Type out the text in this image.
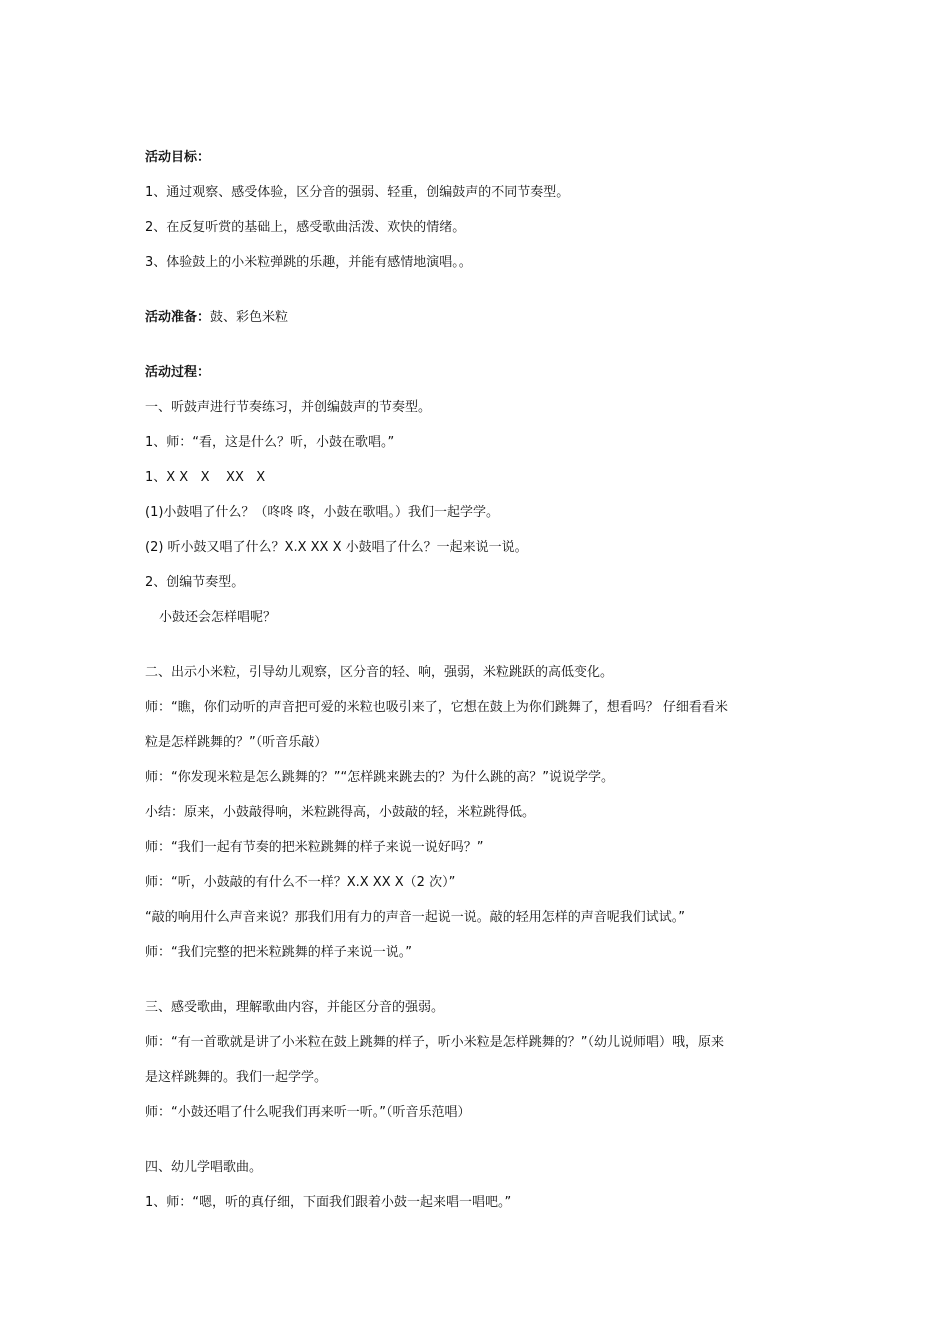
活动目标：
1、通过观察、感受体验，区分音的强弱、轻重，创编鼓声的不同节奏型。
2、在反复听赏的基础上，感受歌曲活泼、欢快的情绪。
3、体验鼓上的小米粒弹跳的乐趣，并能有感情地演唱。。
活动准备：鼓、彩色米粒
活动过程：
一、听鼓声进行节奏练习，并创编鼓声的节奏型。
1、师：“看，这是什么？听，小鼓在歌唱。”
1、X X   X    XX   X
(1)小鼓唱了什么？（咚咚 咚，小鼓在歌唱。）我们一起学学。
(2) 听小鼓又唱了什么？X.X XX X 小鼓唱了什么？一起来说一说。
2、创编节奏型。
小鼓还会怎样唱呢？
二、出示小米粒，引导幼儿观察，区分音的轻、响，强弱，米粒跳跃的高低变化。
师：“瞧，你们动听的声音把可爱的米粒也吸引来了，它想在鼓上为你们跳舞了，想看吗？ 仔细看看米
粒是怎样跳舞的？”（听音乐敲）
师：“你发现米粒是怎么跳舞的？”“怎样跳来跳去的？为什么跳的高？”说说学学。
小结：原来，小鼓敲得响，米粒跳得高，小鼓敲的轻，米粒跳得低。
师：“我们一起有节奏的把米粒跳舞的样子来说一说好吗？”
师：“听，小鼓敲的有什么不一样？X.X XX X（2 次）”
“敲的响用什么声音来说？那我们用有力的声音一起说一说。敲的轻用怎样的声音呢我们试试。”
师：“我们完整的把米粒跳舞的样子来说一说。”
三、感受歌曲，理解歌曲内容，并能区分音的强弱。
师：“有一首歌就是讲了小米粒在鼓上跳舞的样子，听小米粒是怎样跳舞的？”（幼儿说师唱）哦，原来
是这样跳舞的。我们一起学学。
师：“小鼓还唱了什么呢我们再来听一听。”（听音乐范唱）
四、幼儿学唱歌曲。
1、师：“嗯，听的真仔细，下面我们跟着小鼓一起来唱一唱吧。”
